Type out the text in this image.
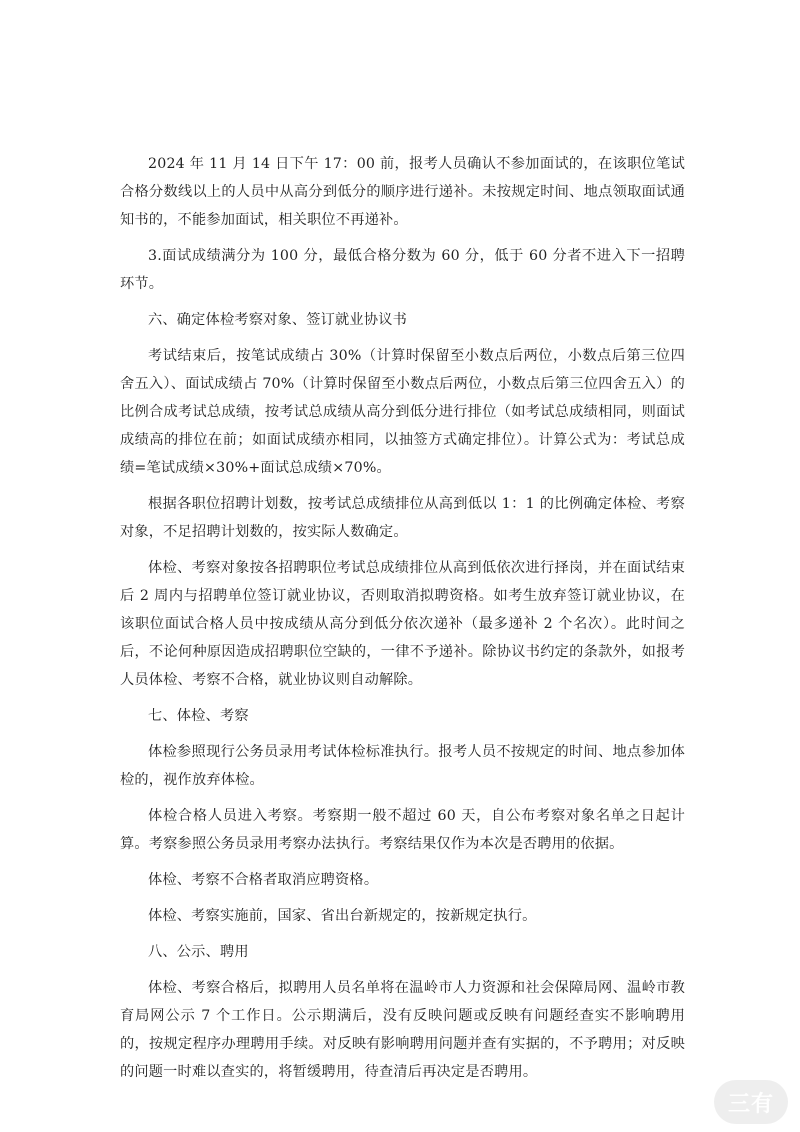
2024 年 11 月 14 日下午 17：00 前，报考人员确认不参加面试的，在该职位笔试合格分数线以上的人员中从高分到低分的顺序进行递补。未按规定时间、地点领取面试通知书的，不能参加面试，相关职位不再递补。

3.面试成绩满分为 100 分，最低合格分数为 60 分，低于 60 分者不进入下一招聘环节。

六、确定体检考察对象、签订就业协议书

考试结束后，按笔试成绩占 30%（计算时保留至小数点后两位，小数点后第三位四舍五入）、面试成绩占 70%（计算时保留至小数点后两位，小数点后第三位四舍五入）的比例合成考试总成绩，按考试总成绩从高分到低分进行排位（如考试总成绩相同，则面试成绩高的排位在前；如面试成绩亦相同，以抽签方式确定排位）。计算公式为：考试总成绩=笔试成绩×30%+面试总成绩×70%。

根据各职位招聘计划数，按考试总成绩排位从高到低以 1：1 的比例确定体检、考察对象，不足招聘计划数的，按实际人数确定。

体检、考察对象按各招聘职位考试总成绩排位从高到低依次进行择岗，并在面试结束后 2 周内与招聘单位签订就业协议，否则取消拟聘资格。如考生放弃签订就业协议，在该职位面试合格人员中按成绩从高分到低分依次递补（最多递补 2 个名次）。此时间之后，不论何种原因造成招聘职位空缺的，一律不予递补。除协议书约定的条款外，如报考人员体检、考察不合格，就业协议则自动解除。

七、体检、考察

体检参照现行公务员录用考试体检标准执行。报考人员不按规定的时间、地点参加体检的，视作放弃体检。

体检合格人员进入考察。考察期一般不超过 60 天，自公布考察对象名单之日起计算。考察参照公务员录用考察办法执行。考察结果仅作为本次是否聘用的依据。

体检、考察不合格者取消应聘资格。

体检、考察实施前，国家、省出台新规定的，按新规定执行。

八、公示、聘用

体检、考察合格后，拟聘用人员名单将在温岭市人力资源和社会保障局网、温岭市教育局网公示 7 个工作日。公示期满后，没有反映问题或反映有问题经查实不影响聘用的，按规定程序办理聘用手续。对反映有影响聘用问题并查有实据的，不予聘用；对反映的问题一时难以查实的，将暂缓聘用，待查清后再决定是否聘用。

三有
